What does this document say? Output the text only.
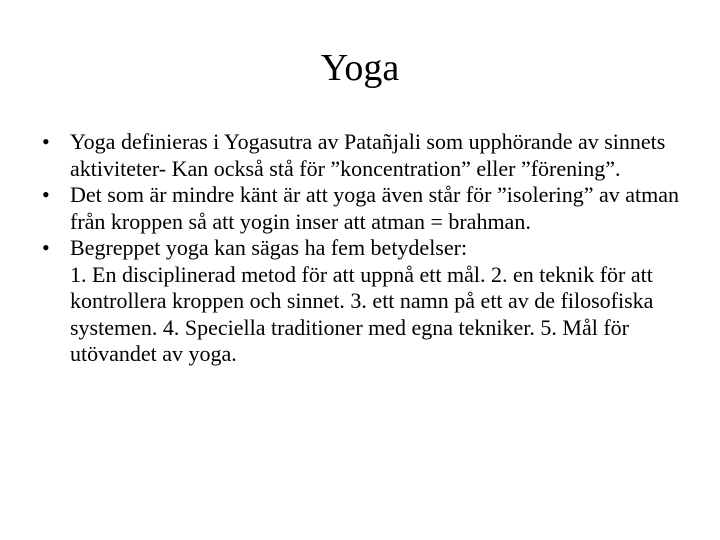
Yoga
• Yoga definieras i Yogasutra av Patañjali som upphörande av sinnets aktiviteter- Kan också stå för ”koncentration” eller ”förening”.
• Det som är mindre känt är att yoga även står för ”isolering” av atman från kroppen så att yogin inser att atman = brahman.
• Begreppet yoga kan sägas ha fem betydelser:
1. En disciplinerad metod för att uppnå ett mål. 2. en teknik för att kontrollera kroppen och sinnet. 3. ett namn på ett av de filosofiska systemen. 4. Speciella traditioner med egna tekniker. 5. Mål för utövandet av yoga.
